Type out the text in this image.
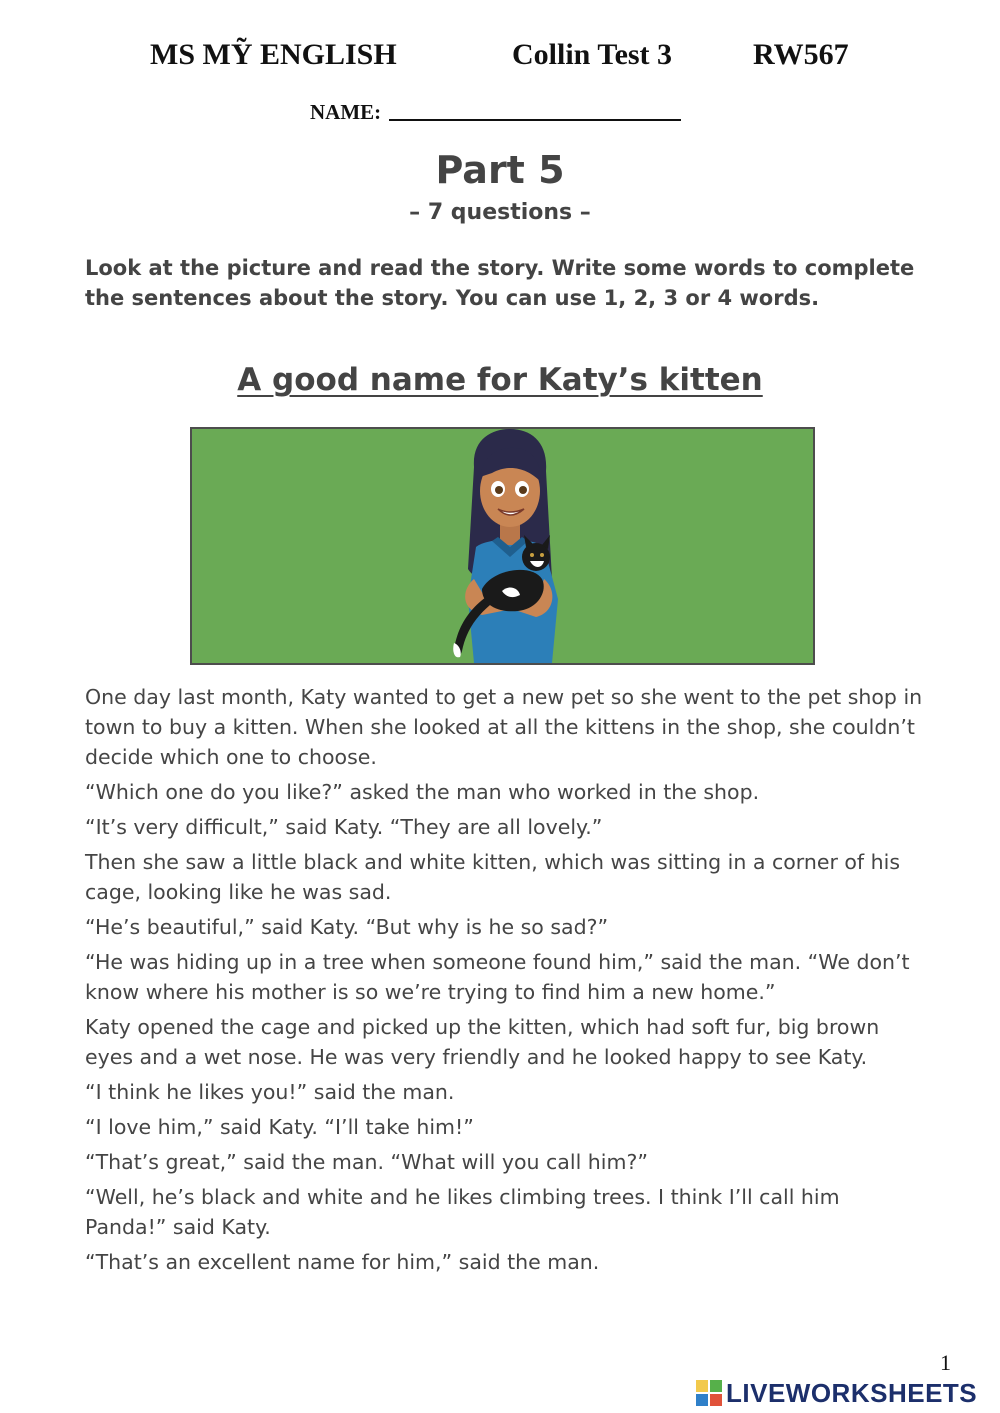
MS MỸ ENGLISH	Collin Test 3	RW567
NAME:
Part 5
– 7 questions –
Look at the picture and read the story. Write some words to complete the sentences about the story. You can use 1, 2, 3 or 4 words.
A good name for Katy’s kitten

One day last month, Katy wanted to get a new pet so she went to the pet shop in town to buy a kitten. When she looked at all the kittens in the shop, she couldn’t decide which one to choose.

“Which one do you like?” asked the man who worked in the shop.

“It’s very difficult,” said Katy. “They are all lovely.”

Then she saw a little black and white kitten, which was sitting in a corner of his cage, looking like he was sad.

“He’s beautiful,” said Katy. “But why is he so sad?”

“He was hiding up in a tree when someone found him,” said the man. “We don’t know where his mother is so we’re trying to find him a new home.”

Katy opened the cage and picked up the kitten, which had soft fur, big brown eyes and a wet nose. He was very friendly and he looked happy to see Katy.

“I think he likes you!” said the man.

“I love him,” said Katy. “I’ll take him!”

“That’s great,” said the man. “What will you call him?”

“Well, he’s black and white and he likes climbing trees. I think I’ll call him Panda!” said Katy.

“That’s an excellent name for him,” said the man.

1
LIVEWORKSHEETS
